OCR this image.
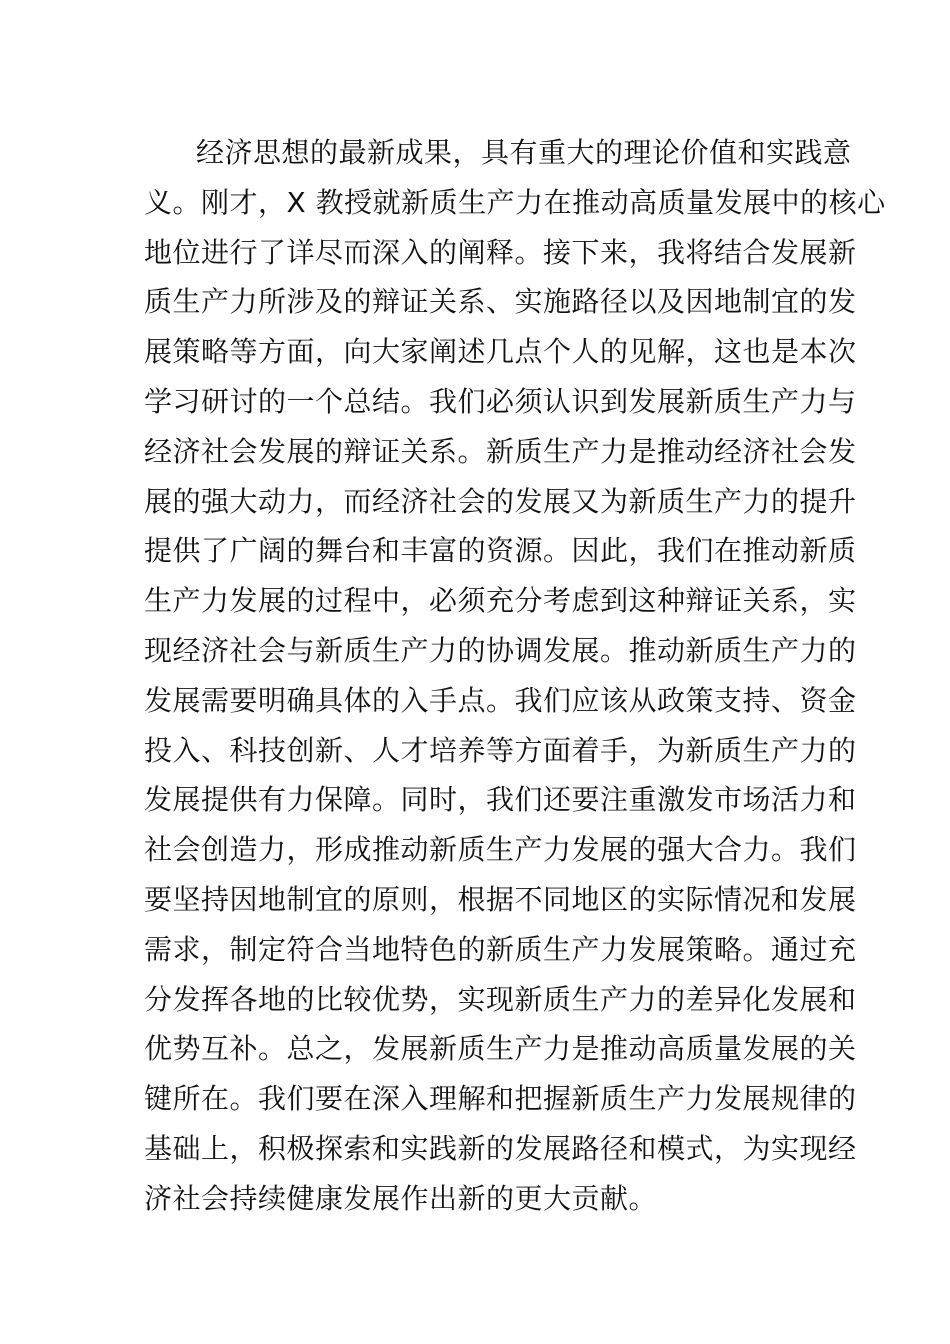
经济思想的最新成果，具有重大的理论价值和实践意
义。刚才，X 教授就新质生产力在推动高质量发展中的核心
地位进行了详尽而深入的阐释。接下来，我将结合发展新
质生产力所涉及的辩证关系、实施路径以及因地制宜的发
展策略等方面，向大家阐述几点个人的见解，这也是本次
学习研讨的一个总结。我们必须认识到发展新质生产力与
经济社会发展的辩证关系。新质生产力是推动经济社会发
展的强大动力，而经济社会的发展又为新质生产力的提升
提供了广阔的舞台和丰富的资源。因此，我们在推动新质
生产力发展的过程中，必须充分考虑到这种辩证关系，实
现经济社会与新质生产力的协调发展。推动新质生产力的
发展需要明确具体的入手点。我们应该从政策支持、资金
投入、科技创新、人才培养等方面着手，为新质生产力的
发展提供有力保障。同时，我们还要注重激发市场活力和
社会创造力，形成推动新质生产力发展的强大合力。我们
要坚持因地制宜的原则，根据不同地区的实际情况和发展
需求，制定符合当地特色的新质生产力发展策略。通过充
分发挥各地的比较优势，实现新质生产力的差异化发展和
优势互补。总之，发展新质生产力是推动高质量发展的关
键所在。我们要在深入理解和把握新质生产力发展规律的
基础上，积极探索和实践新的发展路径和模式，为实现经
济社会持续健康发展作出新的更大贡献。
